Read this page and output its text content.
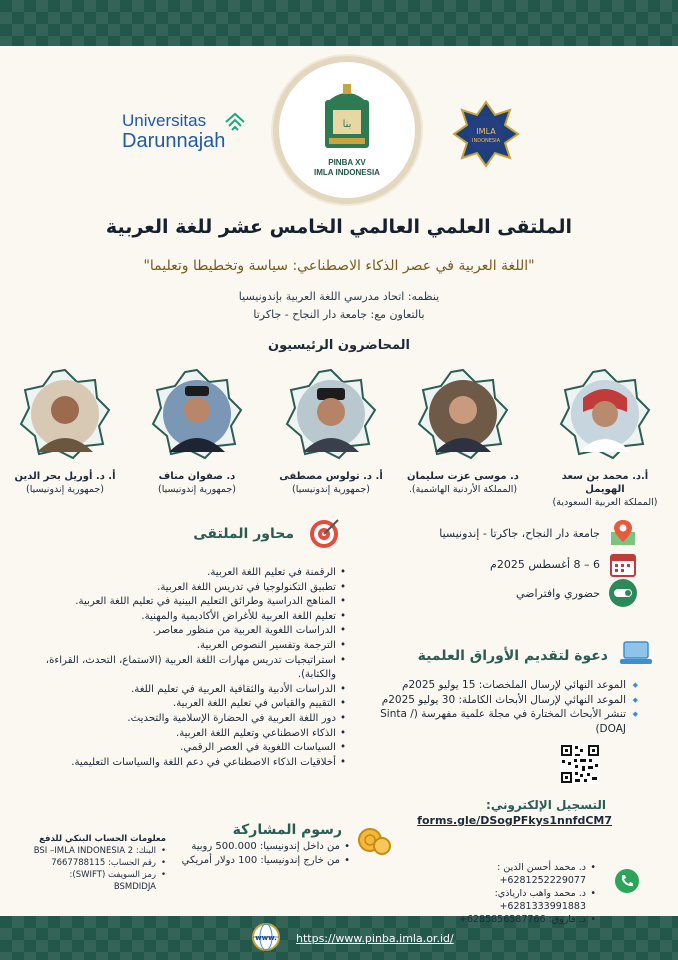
Universitas
Darunnajah
بنا
PINBA XV
IMLA INDONESIA
IMLA
INDONESIA
الملتقى العلمي العالمي الخامس عشر للغة العربية
"اللغة العربية في عصر الذكاء الاصطناعي: سياسة وتخطيطا وتعليما"
ينظمه: اتحاد مدرسي اللغة العربية بإندونيسيا
بالتعاون مع: جامعة دار النجاح - جاكرتا
المحاضرون الرئيسيون
أ.د. محمد بن سعد الهويمل
(المملكة العربية السعودية)
د. موسى عزت سليمان
(المملكة الأردنية الهاشمية).
أ. د. تولوس مصطفى
(جمهورية إندونيسيا)
د. صفوان مناف
(جمهورية إندونيسيا)
أ. د. أوريل بحر الدين
(جمهورية إندونيسيا)
محاور الملتقى
• الرقمنة في تعليم اللغة العربية.
• تطبيق التكنولوجيا في تدريس اللغة العربية.
• المناهج الدراسية وطرائق التعليم البينية في تعليم اللغة العربية.
• تعليم اللغة العربية للأغراض الأكاديمية والمهنية.
• الدراسات اللغوية العربية من منظور معاصر.
• الترجمة وتفسير النصوص العربية.
• استراتيجيات تدريس مهارات اللغة العربية (الاستماع، التحدث، القراءة، والكتابة).
• الدراسات الأدبية والثقافية العربية في تعليم اللغة.
• التقييم والقياس في تعليم اللغة العربية.
• دور اللغة العربية في الحضارة الإسلامية والتحديث.
• الذكاء الاصطناعي وتعليم اللغة العربية.
• السياسات اللغوية في العصر الرقمي.
• أخلاقيات الذكاء الاصطناعي في دعم اللغة والسياسات التعليمية.
جامعة دار النجاح، جاكرتا - إندونيسيا
6 – 8 أغسطس 2025م
حضوري وافتراضي
دعوة لتقديم الأوراق العلمية
◆ الموعد النهائي لإرسال الملخصات: 15 يوليو 2025م
◆ الموعد النهائي لإرسال الأبحاث الكاملة: 30 يوليو 2025م
◆ تنشر الأبحاث المختارة في مجلة علمية مفهرسة (Sinta / DOAJ)
التسجيل الإلكتروني:
forms.gle/DSogPFkys1nnfdCM7
رسوم المشاركة
• من داخل إندونيسيا: 500.000 روبية
• من خارج إندونيسيا: 100 دولار أمريكي
معلومات الحساب البنكي للدفع
• البنك: BSI –IMLA INDONESIA 2
• رقم الحساب: 7667788115
• رمز السويفت (SWIFT): BSMDIDJA
• د. محمد أحسن الدين : 6281252229077+
• د. محمد واهب دارياذي: 6281333991883+
• د. فاروق: 6285856587766+
www. https://www.pinba.imla.or.id/
